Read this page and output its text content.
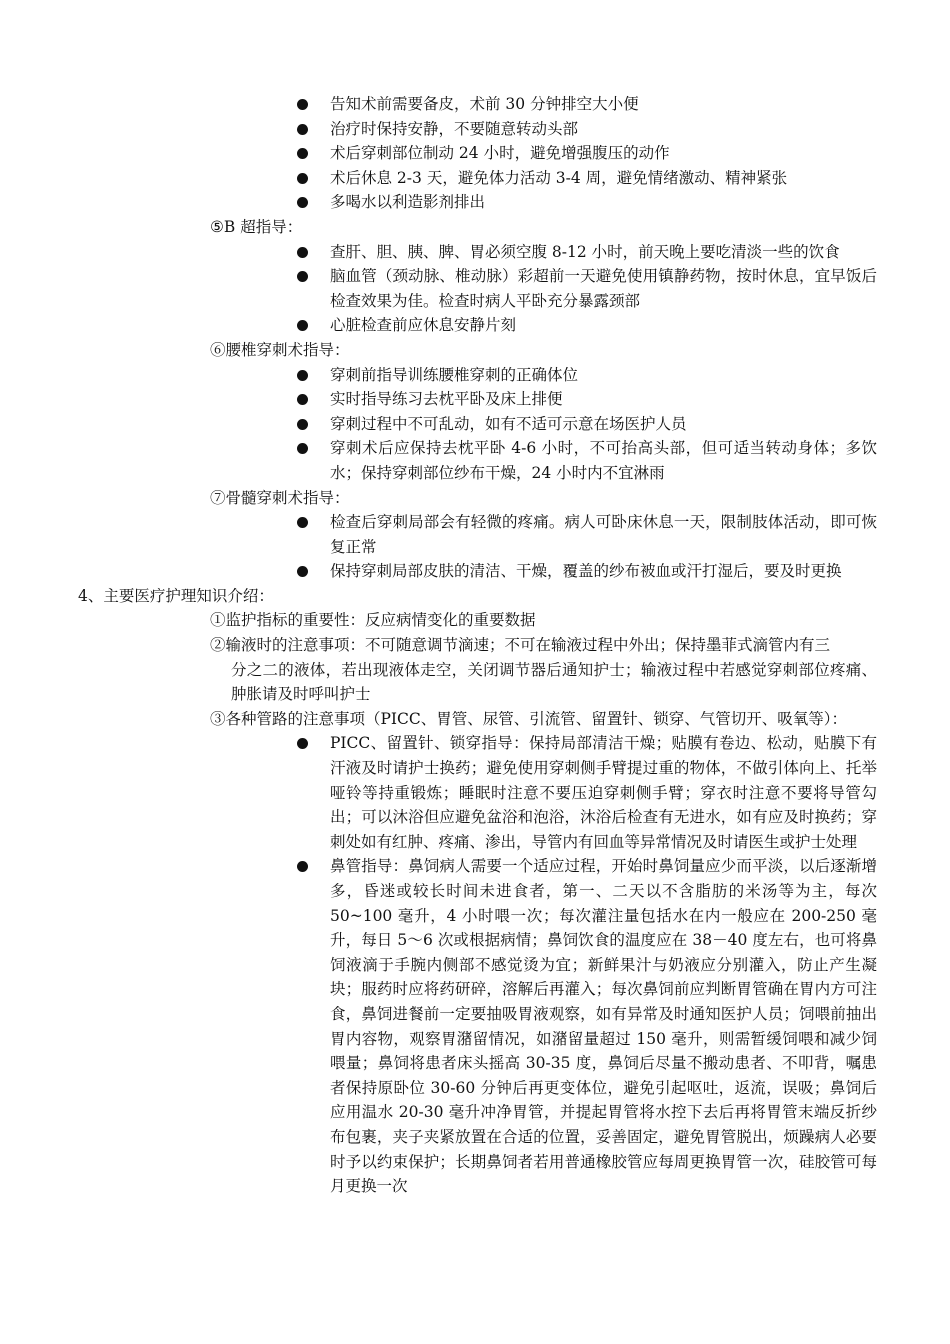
告知术前需要备皮，术前 30 分钟排空大小便

治疗时保持安静，不要随意转动头部

术后穿刺部位制动 24 小时，避免增强腹压的动作

术后休息 2-3 天，避免体力活动 3-4 周，避免情绪激动、精神紧张

多喝水以利造影剂排出

⑤B 超指导：

查肝、胆、胰、脾、胃必须空腹 8-12 小时，前天晚上要吃清淡一些的饮食

脑血管（颈动脉、椎动脉）彩超前一天避免使用镇静药物，按时休息，宜早饭后检查效果为佳。检查时病人平卧充分暴露颈部

心脏检查前应休息安静片刻

⑥腰椎穿刺术指导：

穿刺前指导训练腰椎穿刺的正确体位

实时指导练习去枕平卧及床上排便

穿刺过程中不可乱动，如有不适可示意在场医护人员

穿刺术后应保持去枕平卧 4-6 小时，不可抬高头部，但可适当转动身体；多饮水；保持穿刺部位纱布干燥，24 小时内不宜淋雨

⑦骨髓穿刺术指导：

检查后穿刺局部会有轻微的疼痛。病人可卧床休息一天，限制肢体活动，即可恢复正常

保持穿刺局部皮肤的清洁、干燥，覆盖的纱布被血或汗打湿后，要及时更换

4、主要医疗护理知识介绍：

①监护指标的重要性：反应病情变化的重要数据

②输液时的注意事项：不可随意调节滴速；不可在输液过程中外出；保持墨菲式滴管内有三
分之二的液体，若出现液体走空，关闭调节器后通知护士；输液过程中若感觉穿刺部位疼痛、肿胀请及时呼叫护士

③各种管路的注意事项（PICC、胃管、尿管、引流管、留置针、锁穿、气管切开、吸氧等）：

PICC、留置针、锁穿指导：保持局部清洁干燥；贴膜有卷边、松动，贴膜下有汗液及时请护士换药；避免使用穿刺侧手臂提过重的物体，不做引体向上、托举哑铃等持重锻炼；睡眠时注意不要压迫穿刺侧手臂；穿衣时注意不要将导管勾出；可以沐浴但应避免盆浴和泡浴，沐浴后检查有无进水，如有应及时换药；穿刺处如有红肿、疼痛、渗出，导管内有回血等异常情况及时请医生或护士处理

鼻管指导：鼻饲病人需要一个适应过程，开始时鼻饲量应少而平淡，以后逐渐增多，昏迷或较长时间未进食者，第一、二天以不含脂肪的米汤等为主，每次 50~100 毫升，4 小时喂一次；每次灌注量包括水在内一般应在 200-250 毫升，每日 5～6 次或根据病情；鼻饲饮食的温度应在 38－40 度左右，也可将鼻饲液滴于手腕内侧部不感觉烫为宜；新鲜果汁与奶液应分别灌入，防止产生凝块；服药时应将药研碎，溶解后再灌入；每次鼻饲前应判断胃管确在胃内方可注食，鼻饲进餐前一定要抽吸胃液观察，如有异常及时通知医护人员；饲喂前抽出胃内容物，观察胃潴留情况，如潴留量超过 150 毫升，则需暂缓饲喂和减少饲喂量；鼻饲将患者床头摇高 30-35 度，鼻饲后尽量不搬动患者、不叩背，嘱患者保持原卧位 30-60 分钟后再更变体位，避免引起呕吐，返流，误吸；鼻饲后应用温水 20-30 毫升冲净胃管，并提起胃管将水控下去后再将胃管末端反折纱布包裹，夹子夹紧放置在合适的位置，妥善固定，避免胃管脱出，烦躁病人必要时予以约束保护；长期鼻饲者若用普通橡胶管应每周更换胃管一次，硅胶管可每月更换一次
